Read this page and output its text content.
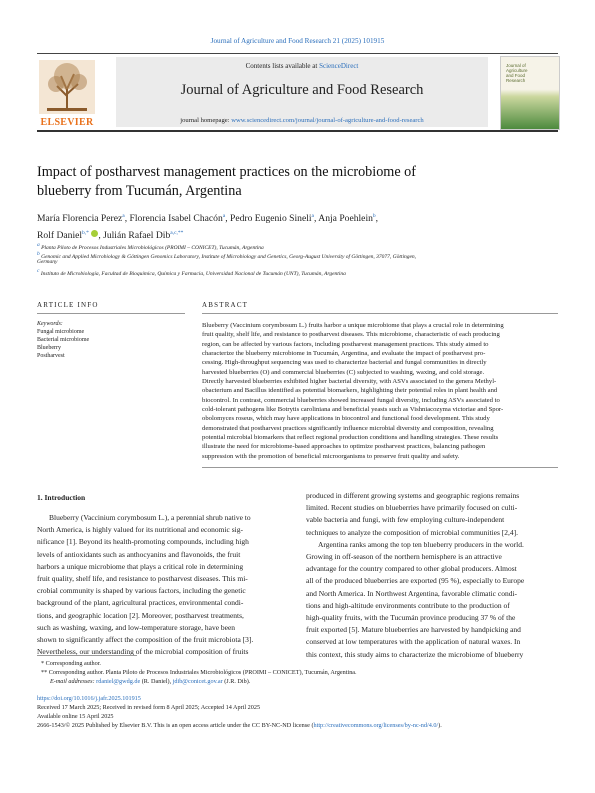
Journal of Agriculture and Food Research 21 (2025) 101915
ELSEVIER
Contents lists available at ScienceDirect
Journal of Agriculture and Food Research
journal homepage: www.sciencedirect.com/journal/journal-of-agriculture-and-food-research
Journal of
Agriculture
and Food
Research
Impact of postharvest management practices on the microbiome of
blueberry from Tucumán, Argentina
María Florencia Perez$^a$, Florencia Isabel Chacón$^a$, Pedro Eugenio Sineli$^a$, Anja Poehlein$^b$,
Rolf Daniel$^{b,*}$ , Julián Rafael Dib$^{a,c,**}$
$^a$ Planta Piloto de Procesos Industriales Microbiológicos (PROIMI – CONICET), Tucumán, Argentina
$^b$ Genomic and Applied Microbiology & Göttingen Genomics Laboratory, Institute of Microbiology and Genetics, Georg-August University of Göttingen, 37077, Göttingen,
Germany
$^c$ Instituto de Microbiología, Facultad de Bioquímica, Química y Farmacia, Universidad Nacional de Tucumán (UNT), Tucumán, Argentina
ARTICLE INFO	ABSTRACT
Keywords:
Fungal microbiome
Bacterial microbiome
Blueberry
Postharvest
Blueberry (Vaccinium corymbosum L.) fruits harbor a unique microbiome that plays a crucial role in determining
fruit quality, shelf life, and resistance to postharvest diseases. This microbiome, characteristic of each producing
region, can be affected by various factors, including postharvest management practices. This study aimed to
characterize the blueberry microbiome in Tucumán, Argentina, and evaluate the impact of postharvest pro-
cessing. High-throughput sequencing was used to characterize bacterial and fungal communities in directly
harvested blueberries (O) and commercial blueberries (C) subjected to washing, waxing, and cold storage.
Directly harvested blueberries exhibited higher bacterial diversity, with ASVs associated to the genera Methyl-
obacterium and Bacillus identified as potential biomarkers, highlighting their potential roles in plant health and
biocontrol. In contrast, commercial blueberries showed increased fungal diversity, including ASVs associated to
cold-tolerant pathogens like Botrytis caroliniana and beneficial yeasts such as Vishniacozyma victoriae and Spor-
obolomyces roseus, which may have applications in biocontrol and functional food development. This study
demonstrated that postharvest practices significantly influence microbial diversity and composition, revealing
potential microbial biomarkers that reflect regional production conditions and handling strategies. These results
illustrate the need for microbiome-based approaches to optimize postharvest practices, balancing pathogen
suppression with the promotion of beneficial microorganisms to preserve fruit quality and safety.
1. Introduction
Blueberry (Vaccinium corymbosum L.), a perennial shrub native to
North America, is highly valued for its nutritional and economic sig-
nificance [1]. Beyond its health-promoting compounds, including high
levels of antioxidants such as anthocyanins and flavonoids, the fruit
harbors a unique microbiome that plays a critical role in determining
fruit quality, shelf life, and resistance to postharvest diseases. This mi-
crobial community is shaped by various factors, including the genetic
background of the plant, agricultural practices, environmental condi-
tions, and geographic location [2]. Moreover, postharvest treatments,
such as washing, waxing, and low-temperature storage, have been
shown to significantly affect the composition of the fruit microbiota [3].
Nevertheless, our understanding of the microbial composition of fruits
produced in different growing systems and geographic regions remains
limited. Recent studies on blueberries have primarily focused on culti-
vable bacteria and fungi, with few employing culture-independent
techniques to analyze the composition of microbial communities [2,4].
Argentina ranks among the top ten blueberry producers in the world.
Growing in off-season of the northern hemisphere is an attractive
advantage for the country compared to other global producers. Almost
all of the produced blueberries are exported (95 %), especially to Europe
and North America. In Northwest Argentina, favorable climatic condi-
tions and high-altitude environments contribute to the production of
high-quality fruits, with the Tucumán province producing 37 % of the
fruit exported [5]. Mature blueberries are harvested by handpicking and
conserved at low temperatures with the application of natural waxes. In
this context, this study aims to characterize the microbiome of blueberry
* Corresponding author.
** Corresponding author. Planta Piloto de Procesos Industriales Microbiológicos (PROIMI – CONICET), Tucumán, Argentina.
E-mail addresses: rdaniel@gwdg.de (R. Daniel), jdib@conicet.gov.ar (J.R. Dib).
https://doi.org/10.1016/j.jafr.2025.101915
Received 17 March 2025; Received in revised form 8 April 2025; Accepted 14 April 2025
Available online 15 April 2025
2666-1543/© 2025 Published by Elsevier B.V. This is an open access article under the CC BY-NC-ND license (http://creativecommons.org/licenses/by-nc-nd/4.0/).
